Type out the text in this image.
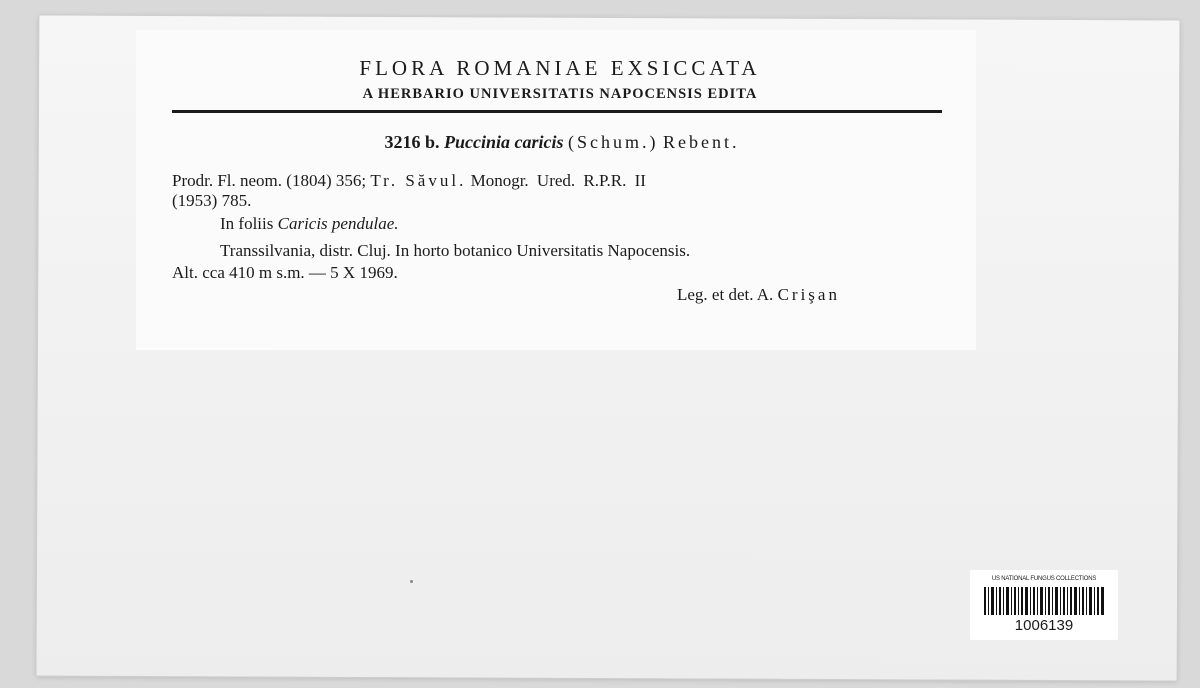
FLORA ROMANIAE EXSICCATA
A HERBARIO UNIVERSITATIS NAPOCENSIS EDITA
3216 b. Puccinia caricis (Schum.) Rebent.
Prodr. Fl. neom. (1804) 356; Tr. Săvul. Monogr. Ured. R.P.R. II
(1953) 785.
In foliis Caricis pendulae.
Transsilvania, distr. Cluj. In horto botanico Universitatis Napocensis.
Alt. cca 410 m s.m. — 5 X 1969.
Leg. et det. A. Crişan
US NATIONAL FUNGUS COLLECTIONS
1006139
